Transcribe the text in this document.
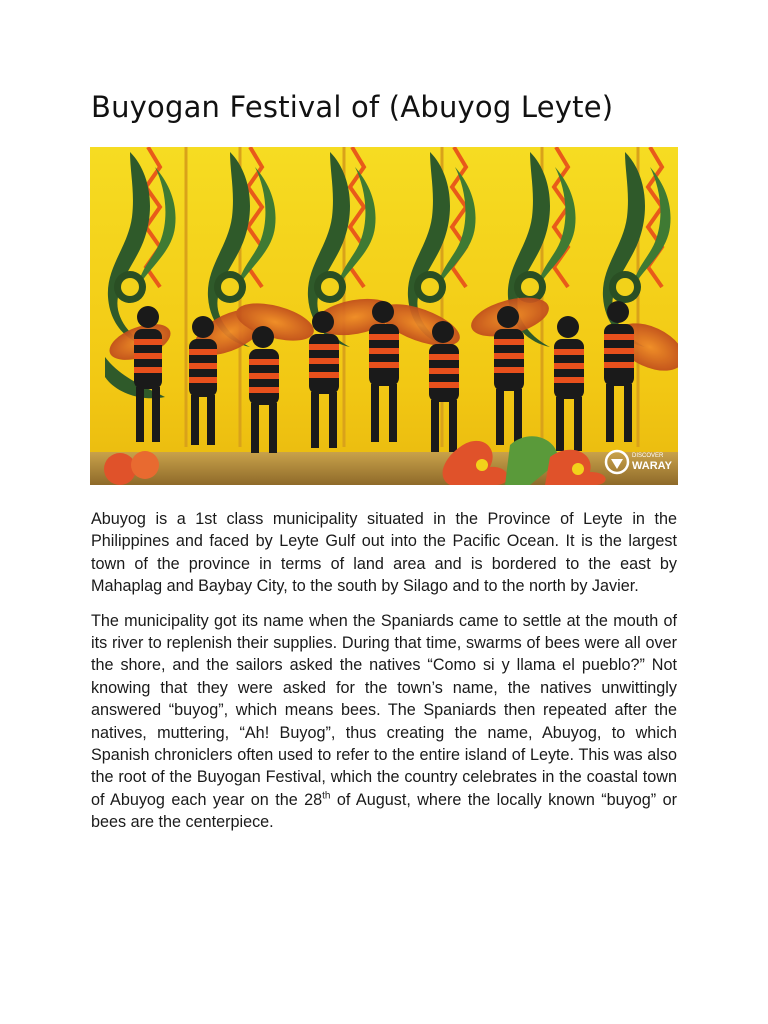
Buyogan Festival of (Abuyog Leyte)
DISCOVER
WARAY

Abuyog is a 1st class municipality situated in the Province of Leyte in the Philippines and faced by Leyte Gulf out into the Pacific Ocean. It is the largest town of the province in terms of land area and is bordered to the east by Mahaplag and Baybay City, to the south by Silago and to the north by Javier.

The municipality got its name when the Spaniards came to settle at the mouth of its river to replenish their supplies. During that time, swarms of bees were all over the shore, and the sailors asked the natives “Como si y llama el pueblo?” Not knowing that they were asked for the town’s name, the natives unwittingly answered “buyog”, which means bees. The Spaniards then repeated after the natives, muttering, “Ah! Buyog”, thus creating the name, Abuyog, to which Spanish chroniclers often used to refer to the entire island of Leyte. This was also the root of the Buyogan Festival, which the country celebrates in the coastal town of Abuyog each year on the 28th of August, where the locally known “buyog” or bees are the centerpiece.
